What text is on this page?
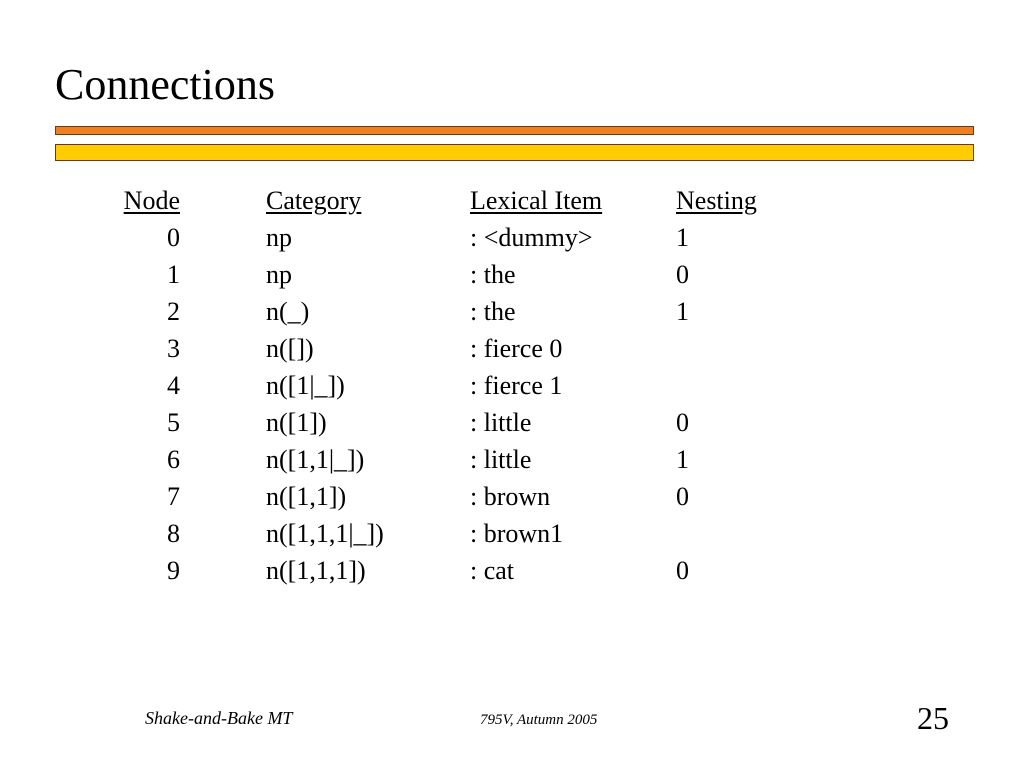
Connections
Node	Category	Lexical Item	Nesting
0	np	: <dummy>	1
1	np	: the	0
2	n(_)	: the	1
3	n([])	: fierce 0
4	n([1|_])	: fierce 1
5	n([1])	: little	0
6	n([1,1|_])	: little	1
7	n([1,1])	: brown	0
8	n([1,1,1|_])	: brown1
9	n([1,1,1])	: cat	0
Shake-and-Bake MT	795V, Autumn 2005	25
